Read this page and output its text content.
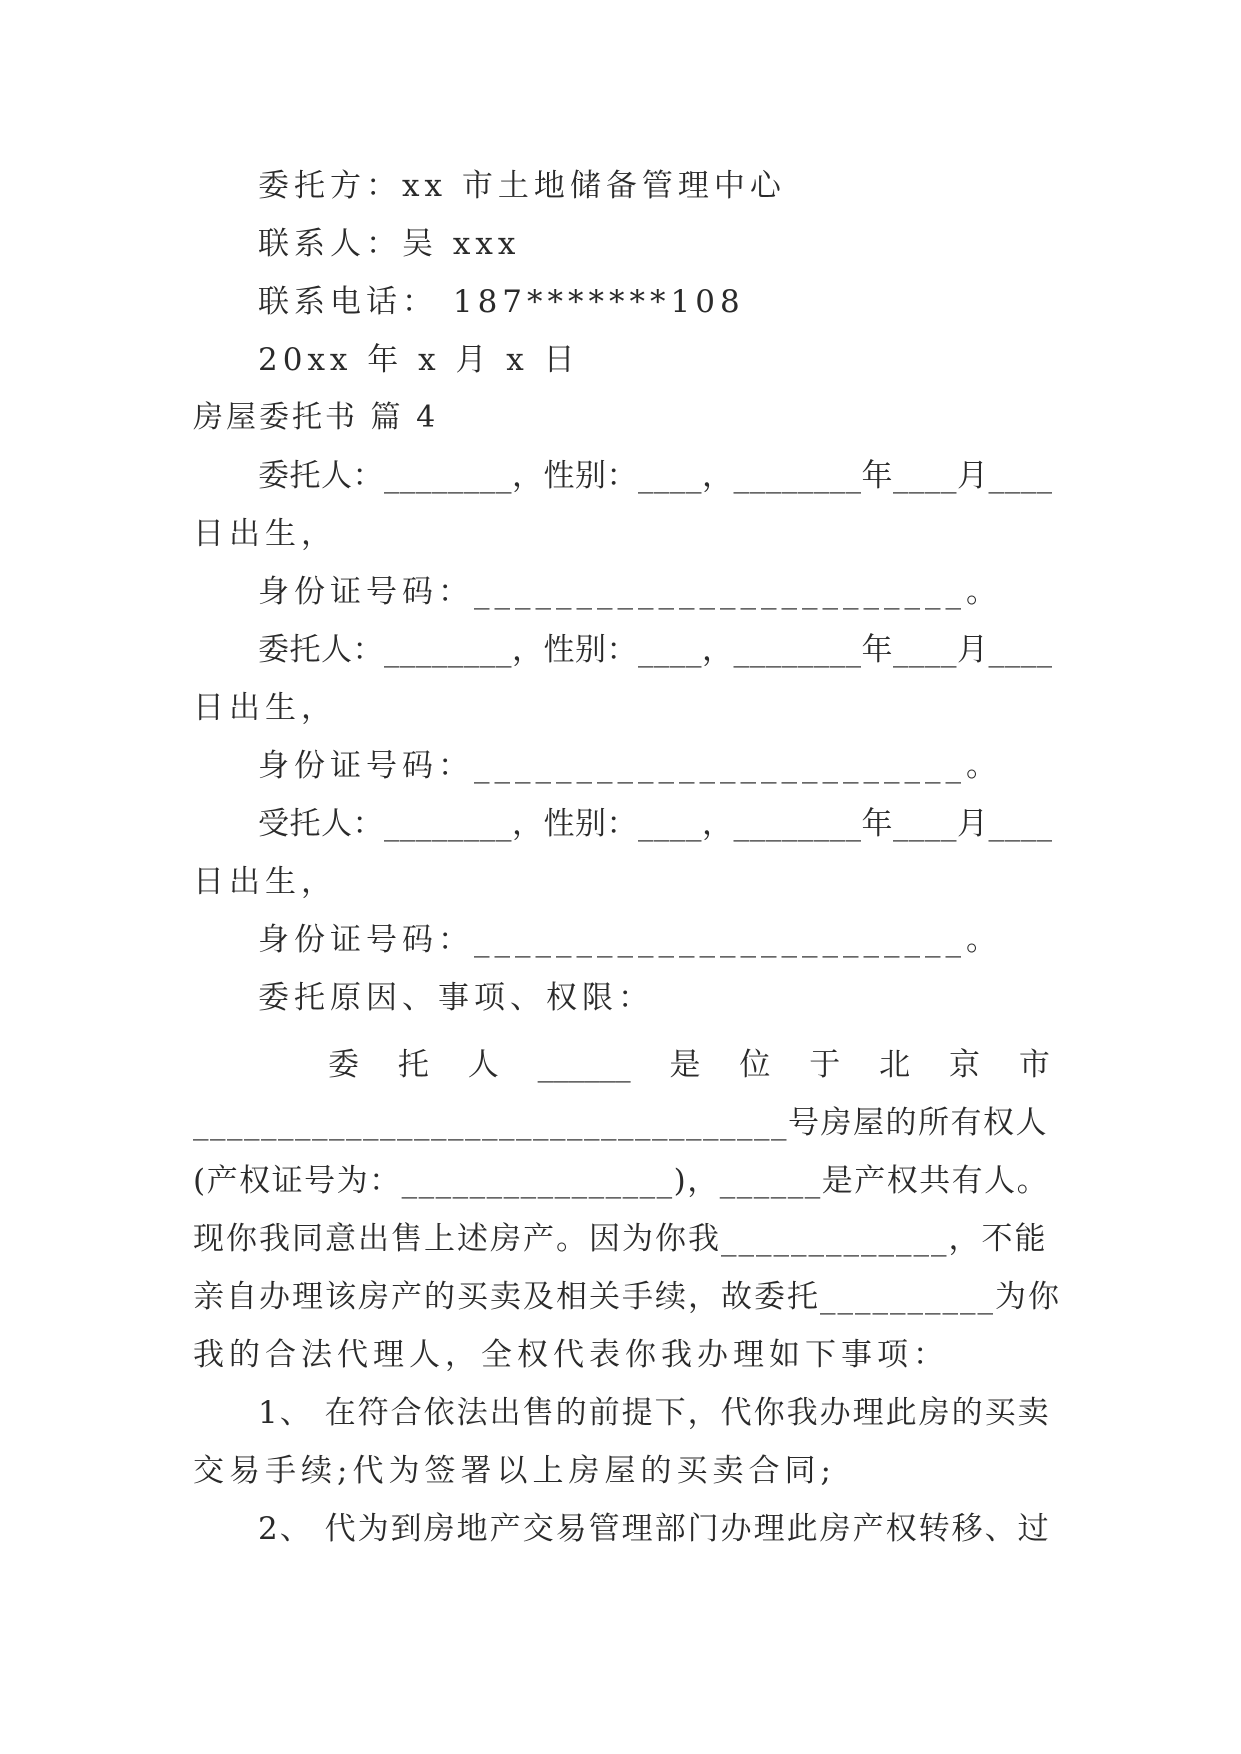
委托方：xx 市土地储备管理中心
联系人：吴 xxx
联系电话： 187*******108
20xx 年 x 月 x 日
房屋委托书 篇 4
委托人：________，性别：____，________年____月____
日出生，
身份证号码：________________________。
委托人：________，性别：____，________年____月____
日出生，
身份证号码：________________________。
受托人：________，性别：____，________年____月____
日出生，
身份证号码：________________________。
委托原因、事项、权限：
委 托 人 ______ 是 位 于 北 京 市
___________________________________号房屋的所有权人
(产权证号为：________________)，______是产权共有人。
现你我同意出售上述房产。因为你我_____________，不能
亲自办理该房产的买卖及相关手续，故委托__________为你
我的合法代理人，全权代表你我办理如下事项：
1、 在符合依法出售的前提下，代你我办理此房的买卖
交易手续;代为签署以上房屋的买卖合同;
2、 代为到房地产交易管理部门办理此房产权转移、过
